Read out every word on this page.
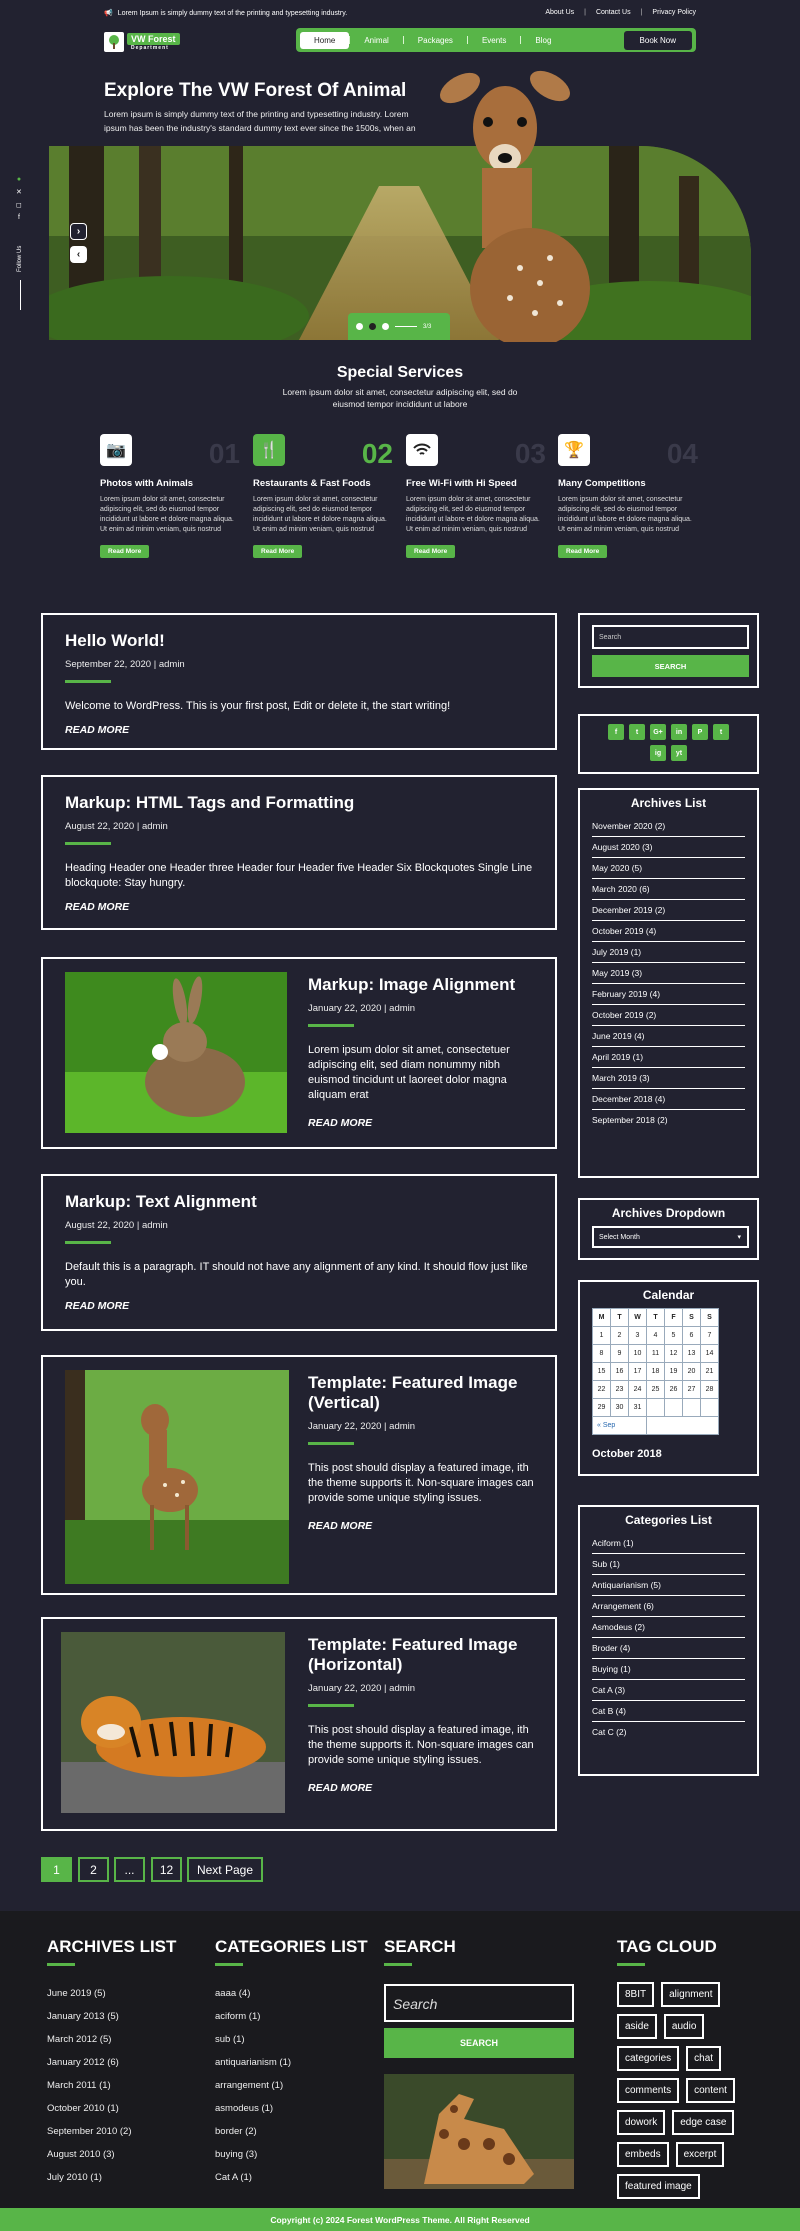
📢 Lorem Ipsum is simply dummy text of the printing and typesetting industry.	About Us | Contact Us | Privacy Policy
VW Forest
Department
Home	Animal	Packages	Events	Blog	Book Now
Explore The VW Forest Of Animal
Lorem ipsum is simply dummy text of the printing and typesetting industry. Lorem ipsum has been the industry's standard dummy text ever since the 1500s, when an
›
‹
3/3
●
✕
◻
f
Follow Us
Special Services
Lorem ipsum dolor sit amet, consectetur adipiscing elit, sed do eiusmod tempor incididunt ut labore
📷	01
Photos with Animals
Lorem ipsum dolor sit amet, consectetur adipiscing elit, sed do eiusmod tempor incididunt ut labore et dolore magna aliqua. Ut enim ad minim veniam, quis nostrud
Read More
🍴	02
Restaurants & Fast Foods
Lorem ipsum dolor sit amet, consectetur adipiscing elit, sed do eiusmod tempor incididunt ut labore et dolore magna aliqua. Ut enim ad minim veniam, quis nostrud
Read More
03
Free Wi-Fi with Hi Speed
Lorem ipsum dolor sit amet, consectetur adipiscing elit, sed do eiusmod tempor incididunt ut labore et dolore magna aliqua. Ut enim ad minim veniam, quis nostrud
Read More
🏆	04
Many Competitions
Lorem ipsum dolor sit amet, consectetur adipiscing elit, sed do eiusmod tempor incididunt ut labore et dolore magna aliqua. Ut enim ad minim veniam, quis nostrud
Read More
Hello World!
September 22, 2020 | admin
Welcome to WordPress. This is your first post, Edit or delete it, the start writing!
READ MORE
Markup: HTML Tags and Formatting
August 22, 2020 | admin
Heading Header one Header three Header four Header five Header Six Blockquotes Single Line blockquote: Stay hungry.
READ MORE
Markup: Image Alignment
January 22, 2020 | admin
Lorem ipsum dolor sit amet, consectetuer adipiscing elit, sed diam nonummy nibh euismod tincidunt ut laoreet dolor magna aliquam erat
READ MORE
Markup: Text Alignment
August 22, 2020 | admin
Default this is a paragraph. IT should not have any alignment of any kind. It should flow just like you.
READ MORE
Template: Featured Image (Vertical)
January 22, 2020 | admin
This post should display a featured image, ith the theme supports it. Non-square images can provide some unique styling issues.
READ MORE
Template: Featured Image (Horizontal)
January 22, 2020 | admin
This post should display a featured image, ith the theme supports it. Non-square images can provide some unique styling issues.
READ MORE
Search
SEARCH
f	t	G+	in	P	t
ig	yt
Archives List
November 2020 (2)
August 2020 (3)
May 2020 (5)
March 2020 (6)
December 2019 (2)
October 2019 (4)
July 2019 (1)
May 2019 (3)
February 2019 (4)
October 2019 (2)
June 2019 (4)
April 2019 (1)
March 2019 (3)
December 2018 (4)
September 2018 (2)
Archives Dropdown
Select Month	▾
Calendar
M	T	W	T	F	S	S
1	2	3	4	5	6	7
8	9	10	11	12	13	14
15	16	17	18	19	20	21
22	23	24	25	26	27	28
29	30	31				
« Sep						
October 2018
Categories List
Aciform (1)
Sub (1)
Antiquarianism (5)
Arrangement (6)
Asmodeus (2)
Broder (4)
Buying (1)
Cat A (3)
Cat B (4)
Cat C (2)
1	2	...	12	Next Page
ARCHIVES LIST
June 2019 (5)
January 2013 (5)
March 2012 (5)
January 2012 (6)
March 2011 (1)
October 2010 (1)
September 2010 (2)
August 2010 (3)
July 2010 (1)
CATEGORIES LIST
aaaa (4)
aciform (1)
sub (1)
antiquarianism (1)
arrangement (1)
asmodeus (1)
border (2)
buying (3)
Cat A (1)
SEARCH
Search
SEARCH
TAG CLOUD
8BIT	alignment
aside	audio
categories	chat
comments	content
dowork	edge case
embeds	excerpt
featured image
Copyright (c) 2024 Forest WordPress Theme. All Right Reserved
